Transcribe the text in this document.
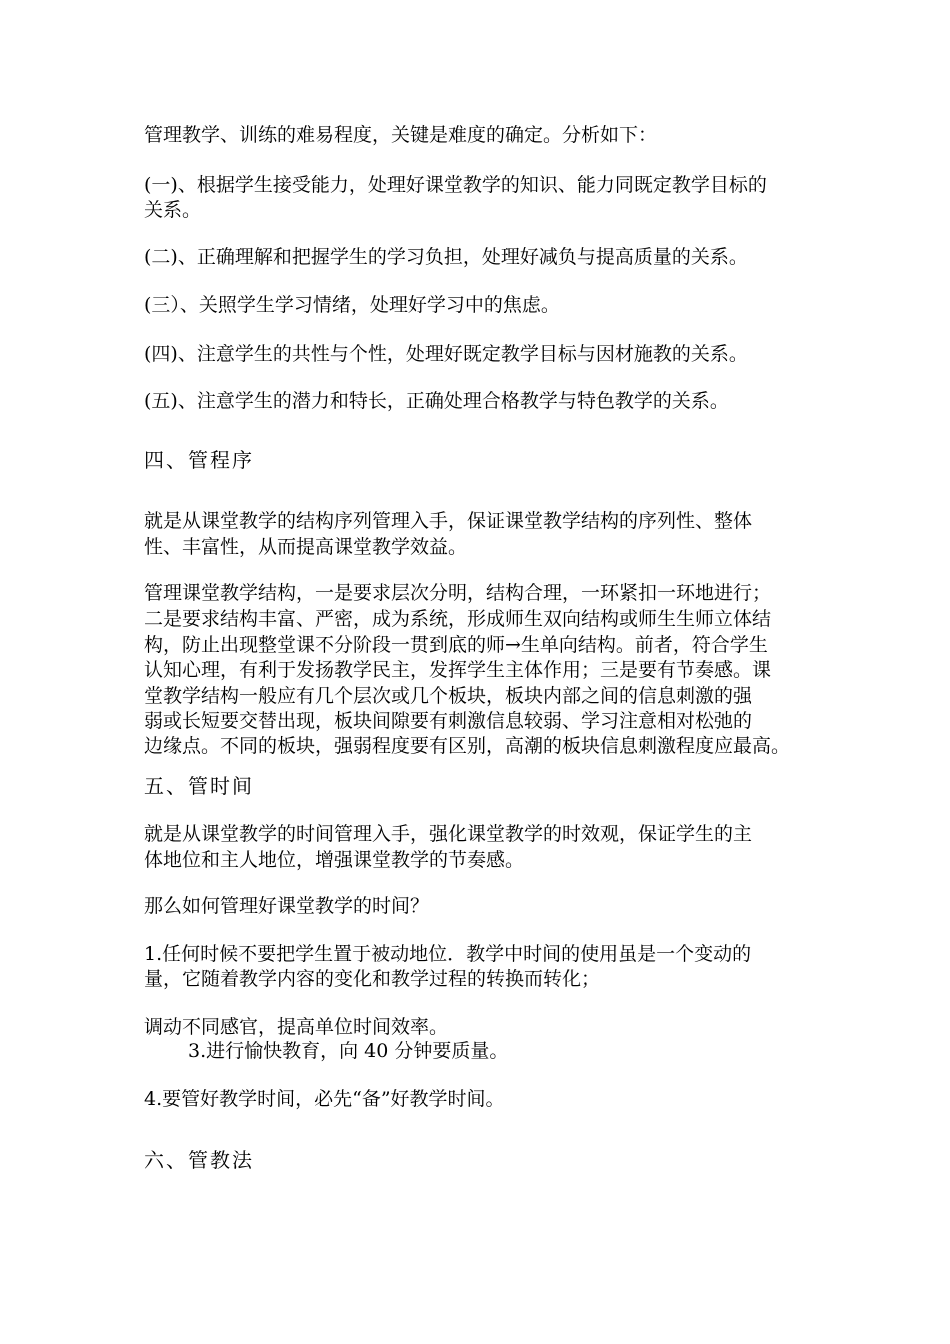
管理教学、训练的难易程度，关键是难度的确定。分析如下：
(一)、根据学生接受能力，处理好课堂教学的知识、能力同既定教学目标的
关系。
(二)、正确理解和把握学生的学习负担，处理好减负与提高质量的关系。
(三）、关照学生学习情绪，处理好学习中的焦虑。
(四)、注意学生的共性与个性，处理好既定教学目标与因材施教的关系。
(五)、注意学生的潜力和特长，正确处理合格教学与特色教学的关系。
四、管程序
就是从课堂教学的结构序列管理入手，保证课堂教学结构的序列性、整体
性、丰富性，从而提高课堂教学效益。
管理课堂教学结构，一是要求层次分明，结构合理，一环紧扣一环地进行；
二是要求结构丰富、严密，成为系统，形成师生双向结构或师生生师立体结
构，防止出现整堂课不分阶段一贯到底的师→生单向结构。前者，符合学生
认知心理，有利于发扬教学民主，发挥学生主体作用；三是要有节奏感。课
堂教学结构一般应有几个层次或几个板块，板块内部之间的信息刺激的强
弱或长短要交替出现，板块间隙要有刺激信息较弱、学习注意相对松弛的
边缘点。不同的板块，强弱程度要有区别，高潮的板块信息刺激程度应最高。
五、管时间
就是从课堂教学的时间管理入手，强化课堂教学的时效观，保证学生的主
体地位和主人地位，增强课堂教学的节奏感。
那么如何管理好课堂教学的时间？
1.任何时候不要把学生置于被动地位．教学中时间的使用虽是一个变动的
量，它随着教学内容的变化和教学过程的转换而转化；
调动不同感官，提高单位时间效率。
3.进行愉快教育，向 40 分钟要质量。
4.要管好教学时间，必先“备”好教学时间。
六、管教法
